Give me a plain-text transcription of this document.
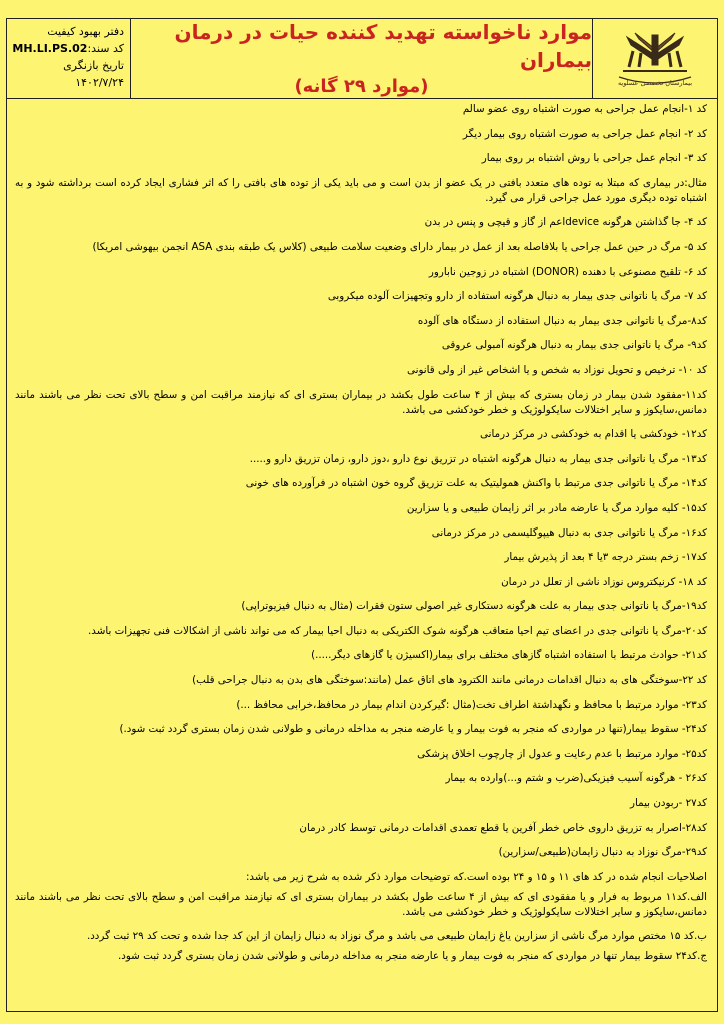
دفتر بهبود کیفیت
کد سند:MH.LI.PS.02
تاریخ بازنگری ۱۴۰۲/۷/۲۴
موارد ناخواسته تهدید کننده حیات در درمان بیماران
(موارد ۲۹ گانه)	بیمارستان تخصصی عسلویه

کد ۱-انجام عمل جراحی به صورت اشتباه روی عضو سالم

کد ۲- انجام عمل جراحی به صورت اشتباه روی بیمار دیگر

کد ۳- انجام عمل جراحی با روش اشتباه بر روی بیمار

مثال:در بیماری که مبتلا به توده های متعدد بافتی در یک عضو از بدن است و می باید یکی از توده های بافتی را که اثر فشاری ایجاد کرده است برداشته شود و به اشتباه توده دیگری مورد عمل جراحی قرار می گیرد.

کد ۴- جا گذاشتن هرگونه deviceاعم از گاز و قیچی و پنس در بدن

کد ۵- مرگ در حین عمل جراحی یا بلافاصله بعد از عمل در بیمار دارای وضعیت سلامت طبیعی (کلاس یک طبقه بندی ASA انجمن بیهوشی امریکا)

کد ۶- تلقیح مصنوعی با دهنده (DONOR) اشتباه در زوجین نابارور

کد ۷- مرگ یا ناتوانی جدی بیمار به دنبال هرگونه استفاده از دارو وتجهیزات آلوده میکروبی

کد۸-مرگ یا ناتوانی جدی بیمار به دنبال استفاده از دستگاه های آلوده

کد۹- مرگ یا ناتوانی جدی بیمار به دنبال هرگونه آمبولی عروقی

کد ۱۰- ترخیص و تحویل نوزاد به شخص و یا اشخاص غیر از ولی قانونی

کد۱۱-مفقود شدن بیمار در زمان بستری که بیش از ۴ ساعت طول بکشد در بیماران بستری ای که نیازمند مراقبت امن و سطح بالای تحت نظر می باشند مانند دمانس،سایکوز و سایر اختلالات سایکولوژیک و خطر خودکشی می باشد.

کد۱۲- خودکشی یا اقدام به خودکشی در مرکز درمانی

کد۱۳- مرگ یا ناتوانی جدی بیمار به دنبال هرگونه اشتباه در تزریق نوع دارو ،دوز دارو، زمان تزریق دارو و.....

کد۱۴- مرگ یا ناتوانی جدی مرتبط با واکنش همولیتیک به علت تزریق گروه خون اشتباه در فرآورده های خونی

کد۱۵- کلیه موارد مرگ یا عارضه مادر بر اثر زایمان طبیعی و یا سزارین

کد۱۶- مرگ یا ناتوانی جدی به دنبال هیپوگلیسمی در مرکز درمانی

کد۱۷- زخم بستر درجه ۳یا ۴ بعد از پذیرش بیمار

کد ۱۸- کرنیکتروس نوزاد ناشی از تعلل در درمان

کد۱۹-مرگ یا ناتوانی جدی بیمار به علت هرگونه دستکاری غیر اصولی ستون فقرات (مثال به دنبال فیزیوتراپی)

کد۲۰-مرگ یا ناتوانی جدی در اعضای تیم احیا متعاقب هرگونه شوک الکتریکی به دنبال احیا بیمار که می تواند ناشی از اشکالات فنی تجهیزات باشد.

کد۲۱- حوادث مرتبط با استفاده اشتباه گازهای مختلف برای بیمار(اکسیژن یا گازهای دیگر.....)

کد ۲۲-سوختگی های به دنبال اقدامات درمانی مانند الکترود های اتاق عمل (مانند:سوختگی های بدن به دنبال جراحی قلب)

کد۲۳- موارد مرتبط با محافظ و نگهداشتة اطراف تخت(مثال :گیرکردن اندام بیمار در محافظ،خرابی محافظ ...)

کد۲۴- سقوط بیمار(تنها در مواردی که منجر به فوت بیمار و یا عارضه منجر به مداخله درمانی و طولانی شدن زمان بستری گردد ثبت شود.)

کد۲۵- موارد مرتبط با عدم رعایت و عدول از چارچوب اخلاق پزشکی

کد۲۶ - هرگونه آسیب فیزیکی(ضرب و شتم و...)وارده به بیمار

کد۲۷ -ربودن بیمار

کد۲۸-اصرار به تزریق داروی خاص خطر آفرین یا قطع تعمدی اقدامات درمانی توسط کادر درمان

کد۲۹-مرگ نوزاد به دنبال زایمان(طبیعی/سزارین)

اصلاحیات انجام شده در کد های ۱۱ و ۱۵ و ۲۴ بوده است.که توضیحات موارد ذکر شده به شرح زیر می باشد:

الف.کد۱۱ مربوط به فرار و یا مفقودی ای که بیش از ۴ ساعت طول بکشد در بیماران بستری ای که نیازمند مراقبت امن و سطح بالای تحت نظر می باشند مانند دمانس،سایکوز و سایر اختلالات سایکولوژیک و خطر خودکشی می باشد.

ب.کد ۱۵ مختص موارد مرگ ناشی از سزارین یاغ زایمان طبیعی می باشد و مرگ نوزاد به دنبال زایمان از این کد جدا شده و تحت کد ۲۹ ثبت گردد.

ج.کد۲۴ سقوط بیمار تنها در مواردی که منجر به فوت بیمار و یا عارضه منجر به مداخله درمانی و طولانی شدن زمان بستری گردد ثبت شود.
